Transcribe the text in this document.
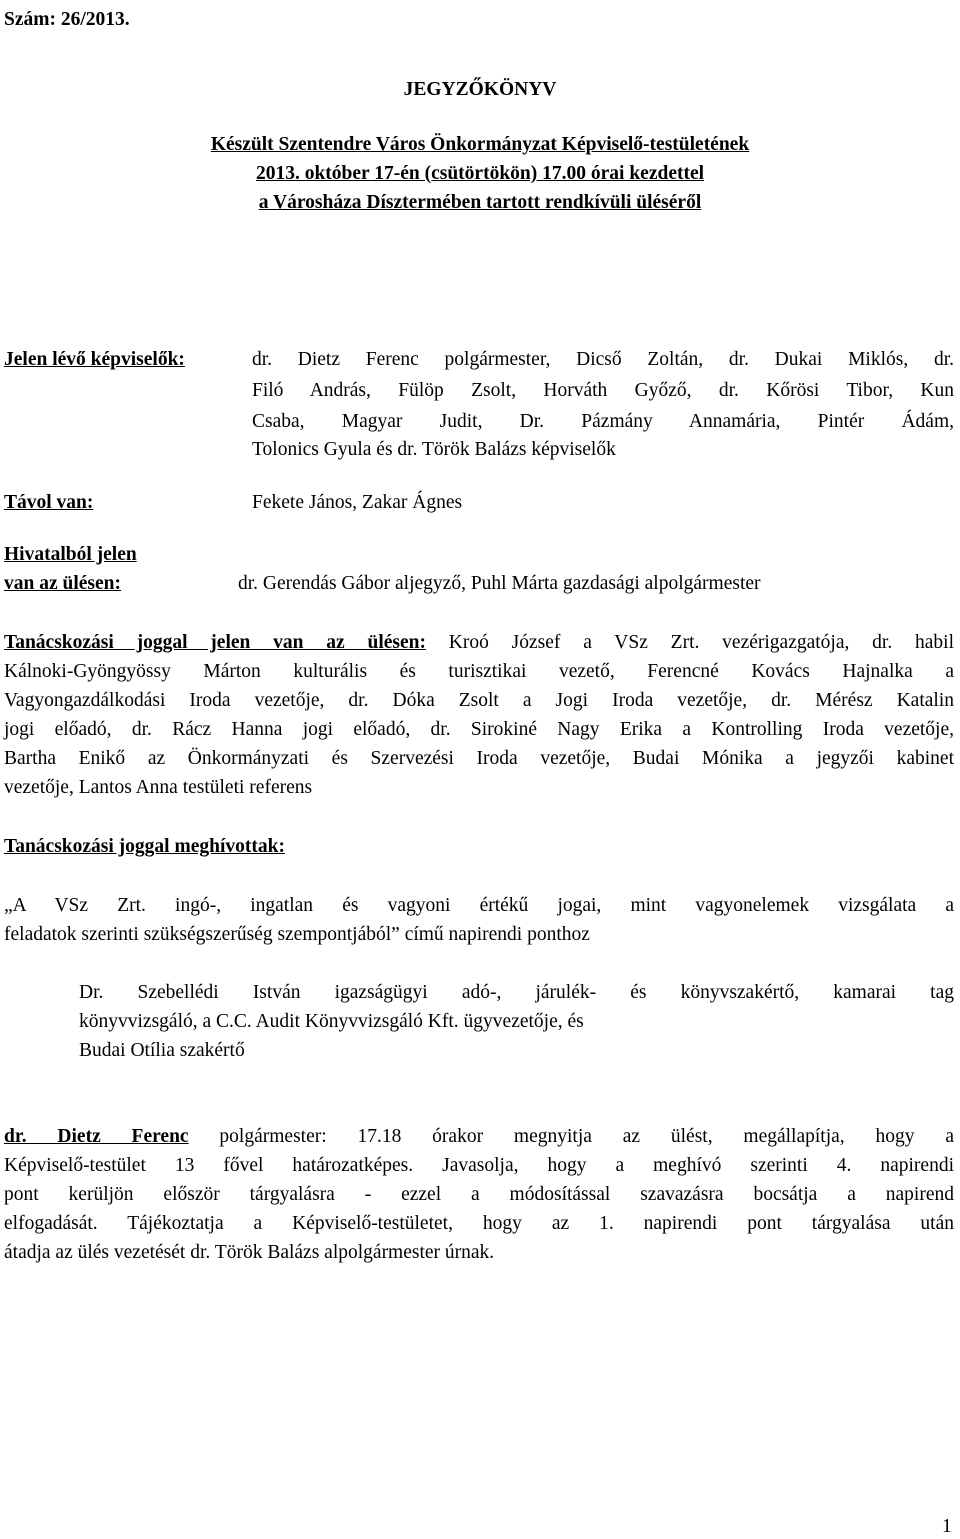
Szám: 26/2013.
JEGYZŐKÖNYV
Készült Szentendre Város Önkormányzat Képviselő-testületének
2013. október 17-én (csütörtökön) 17.00 órai kezdettel
a Városháza Dísztermében tartott rendkívüli üléséről
Jelen lévő képviselők:	dr. Dietz Ferenc polgármester, Dicső Zoltán, dr. Dukai Miklós, dr.
Filó András, Fülöp Zsolt, Horváth Győző, dr. Kőrösi Tibor, Kun
Csaba, Magyar Judit, Dr. Pázmány Annamária, Pintér Ádám,
Tolonics Gyula és dr. Török Balázs képviselők
Távol van:	Fekete János, Zakar Ágnes
Hivatalból jelen
van az ülésen:	dr. Gerendás Gábor aljegyző, Puhl Márta gazdasági alpolgármester
Tanácskozási joggal jelen van az ülésen: Kroó József a VSz Zrt. vezérigazgatója, dr. habil
Kálnoki-Gyöngyössy Márton kulturális és turisztikai vezető, Ferencné Kovács Hajnalka a
Vagyongazdálkodási Iroda vezetője, dr. Dóka Zsolt a Jogi Iroda vezetője, dr. Mérész Katalin
jogi előadó, dr. Rácz Hanna jogi előadó, dr. Sirokiné Nagy Erika a Kontrolling Iroda vezetője,
Bartha Enikő az Önkormányzati és Szervezési Iroda vezetője, Budai Mónika a jegyzői kabinet
vezetője, Lantos Anna testületi referens
Tanácskozási joggal meghívottak:
„A VSz Zrt. ingó-, ingatlan és vagyoni értékű jogai, mint vagyonelemek vizsgálata a
feladatok szerinti szükségszerűség szempontjából” című napirendi ponthoz
Dr. Szebellédi István igazságügyi adó-, járulék- és könyvszakértő, kamarai tag
könyvvizsgáló, a C.C. Audit Könyvvizsgáló Kft. ügyvezetője, és
Budai Otília szakértő
dr. Dietz Ferenc polgármester: 17.18 órakor megnyitja az ülést, megállapítja, hogy a
Képviselő-testület 13 fővel határozatképes. Javasolja, hogy a meghívó szerinti 4. napirendi
pont kerüljön először tárgyalásra - ezzel a módosítással szavazásra bocsátja a napirend
elfogadását. Tájékoztatja a Képviselő-testületet, hogy az 1. napirendi pont tárgyalása után
átadja az ülés vezetését dr. Török Balázs alpolgármester úrnak.
1
